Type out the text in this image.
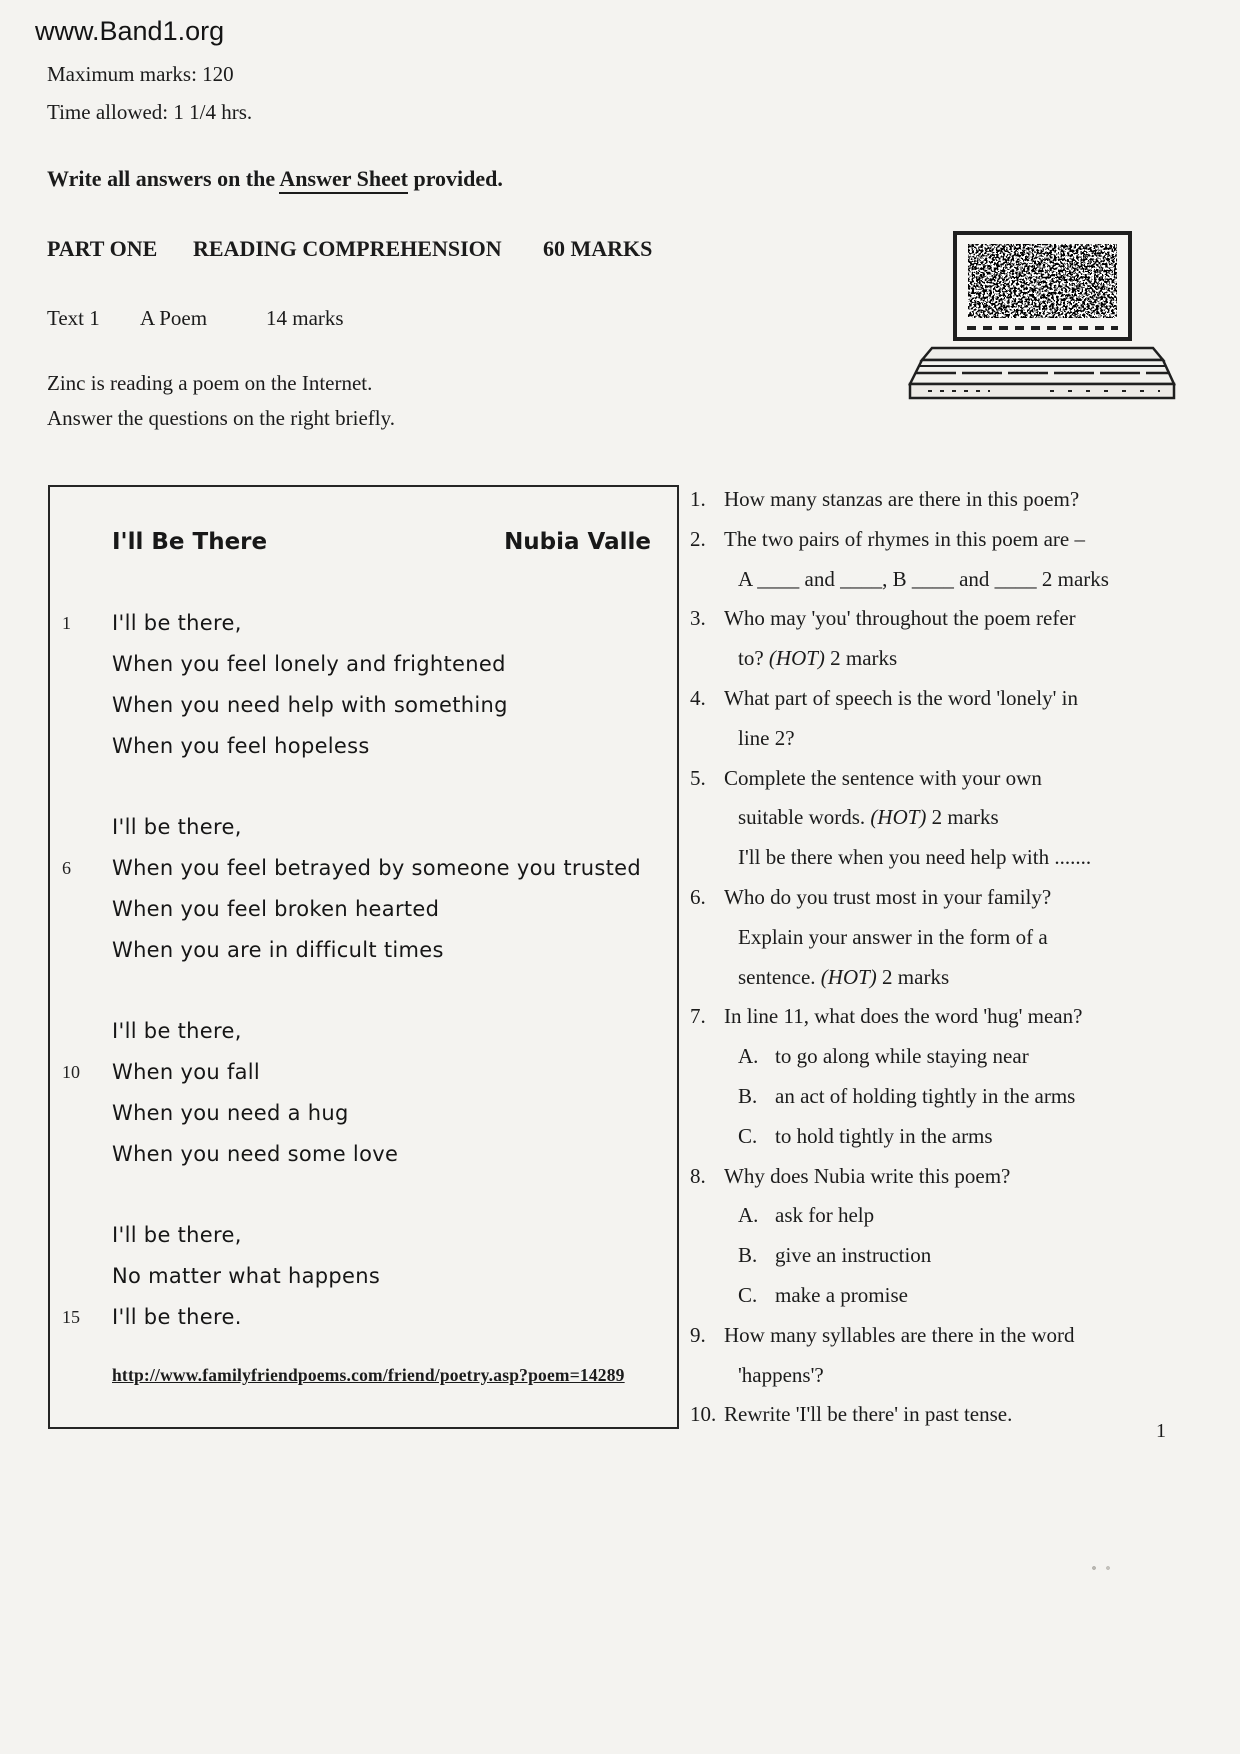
www.Band1.org
Maximum marks: 120
Time allowed: 1 1/4 hrs.
Write all answers on the Answer Sheet provided.
PART ONE READING COMPREHENSION 60 MARKS
Text 1 A Poem	14 marks
Zinc is reading a poem on the Internet.
Answer the questions on the right briefly.
I'll Be There	Nubia Valle
1	I'll be there,
When you feel lonely and frightened
When you need help with something
When you feel hopeless
I'll be there,
6	When you feel betrayed by someone you trusted
When you feel broken hearted
When you are in difficult times
I'll be there,
10	When you fall
When you need a hug
When you need some love
I'll be there,
No matter what happens
15	I'll be there.
http://www.familyfriendpoems.com/friend/poetry.asp?poem=14289
1. How many stanzas are there in this poem?
2. The two pairs of rhymes in this poem are –
A ____ and ____, B ____ and ____ 2 marks
3. Who may 'you' throughout the poem refer
to? (HOT) 2 marks
4. What part of speech is the word 'lonely' in
line 2?
5. Complete the sentence with your own
suitable words. (HOT) 2 marks
I'll be there when you need help with .......
6. Who do you trust most in your family?
Explain your answer in the form of a
sentence. (HOT) 2 marks
7. In line 11, what does the word 'hug' mean?
A. to go along while staying near
B. an act of holding tightly in the arms
C. to hold tightly in the arms
8. Why does Nubia write this poem?
A. ask for help
B. give an instruction
C. make a promise
9. How many syllables are there in the word
'happens'?
10. Rewrite 'I'll be there' in past tense.
1
